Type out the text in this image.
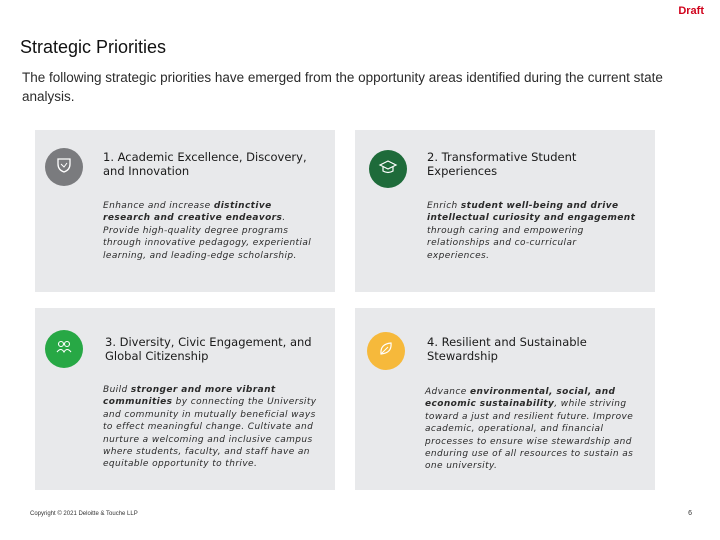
Draft
Strategic Priorities
The following strategic priorities have emerged from the opportunity areas identified during the current state analysis.
1. Academic Excellence, Discovery, and Innovation
Enhance and increase distinctive research and creative endeavors. Provide high-quality degree programs through innovative pedagogy, experiential learning, and leading-edge scholarship.
2. Transformative Student Experiences
Enrich student well-being and drive intellectual curiosity and engagement through caring and empowering relationships and co-curricular experiences.
3. Diversity, Civic Engagement, and Global Citizenship
Build stronger and more vibrant communities by connecting the University and community in mutually beneficial ways to effect meaningful change. Cultivate and nurture a welcoming and inclusive campus where students, faculty, and staff have an equitable opportunity to thrive.
4. Resilient and Sustainable Stewardship
Advance environmental, social, and economic sustainability, while striving toward a just and resilient future. Improve academic, operational, and financial processes to ensure wise stewardship and enduring use of all resources to sustain as one university.
Copyright © 2021 Deloitte & Touche LLP	6
